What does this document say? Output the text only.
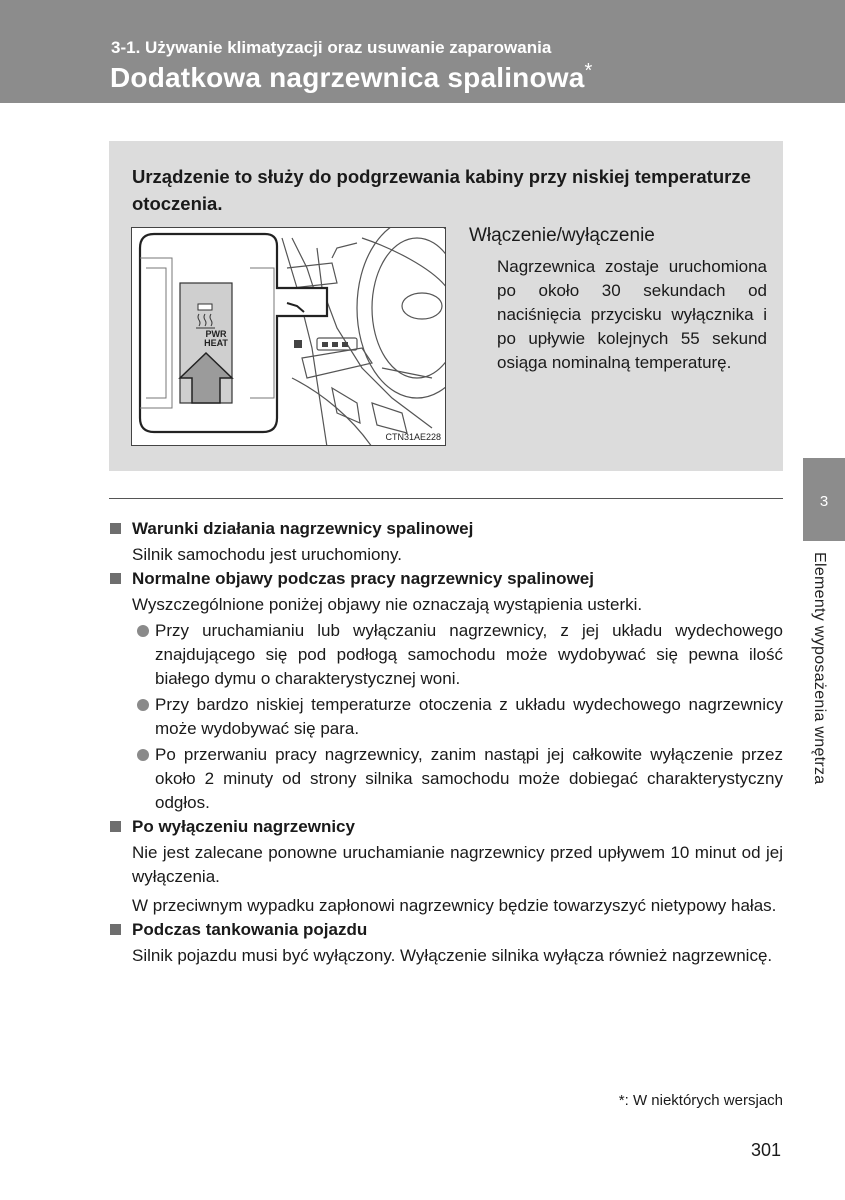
3-1. Używanie klimatyzacji oraz usuwanie zaparowania
Dodatkowa nagrzewnica spalinowa*
Urządzenie to służy do podgrzewania kabiny przy niskiej temperaturze otoczenia.
PWR
HEAT
CTN31AE228
Włączenie/wyłączenie
Nagrzewnica zostaje uruchomiona po około 30 sekundach od naciśnięcia przycisku wyłącznika i po upływie kolejnych 55 sekund osiąga nominalną temperaturę.
Warunki działania nagrzewnicy spalinowej
Silnik samochodu jest uruchomiony.
Normalne objawy podczas pracy nagrzewnicy spalinowej
Wyszczególnione poniżej objawy nie oznaczają wystąpienia usterki.
Przy uruchamianiu lub wyłączaniu nagrzewnicy, z jej układu wydechowego znajdującego się pod podłogą samochodu może wydobywać się pewna ilość białego dymu o charakterystycznej woni.
Przy bardzo niskiej temperaturze otoczenia z układu wydechowego nagrzewnicy może wydobywać się para.
Po przerwaniu pracy nagrzewnicy, zanim nastąpi jej całkowite wyłączenie przez około 2 minuty od strony silnika samochodu może dobiegać charakterystyczny odgłos.
Po wyłączeniu nagrzewnicy
Nie jest zalecane ponowne uruchamianie nagrzewnicy przed upływem 10 minut od jej wyłączenia.
W przeciwnym wypadku zapłonowi nagrzewnicy będzie towarzyszyć nietypowy hałas.
Podczas tankowania pojazdu
Silnik pojazdu musi być wyłączony. Wyłączenie silnika wyłącza również nagrzewnicę.
*: W niektórych wersjach
301
3
Elementy wyposażenia wnętrza
